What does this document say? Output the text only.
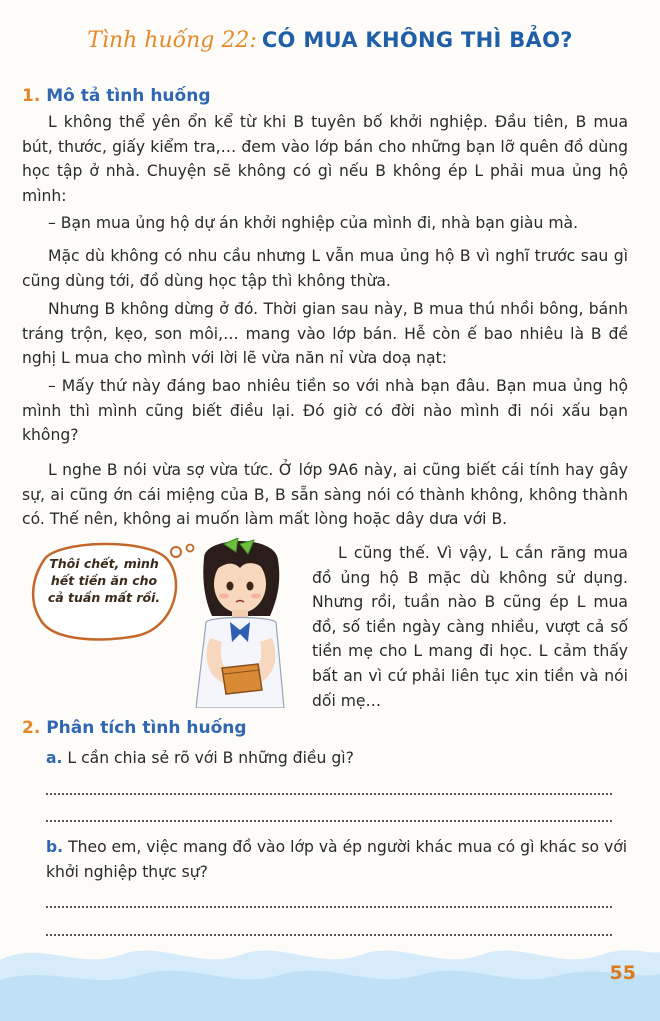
Tình huống 22: CÓ MUA KHÔNG THÌ BẢO?
1. Mô tả tình huống

L không thể yên ổn kể từ khi B tuyên bố khởi nghiệp. Đầu tiên, B mua bút, thước, giấy kiểm tra,… đem vào lớp bán cho những bạn lỡ quên đồ dùng học tập ở nhà. Chuyện sẽ không có gì nếu B không ép L phải mua ủng hộ mình:

– Bạn mua ủng hộ dự án khởi nghiệp của mình đi, nhà bạn giàu mà.

Mặc dù không có nhu cầu nhưng L vẫn mua ủng hộ B vì nghĩ trước sau gì cũng dùng tới, đồ dùng học tập thì không thừa.

Nhưng B không dừng ở đó. Thời gian sau này, B mua thú nhồi bông, bánh tráng trộn, kẹo, son môi,… mang vào lớp bán. Hễ còn ế bao nhiêu là B đề nghị L mua cho mình với lời lẽ vừa năn nỉ vừa doạ nạt:

– Mấy thứ này đáng bao nhiêu tiền so với nhà bạn đâu. Bạn mua ủng hộ mình thì mình cũng biết điều lại. Đó giờ có đời nào mình đi nói xấu bạn không?

L nghe B nói vừa sợ vừa tức. Ở lớp 9A6 này, ai cũng biết cái tính hay gây sự, ai cũng ớn cái miệng của B, B sẵn sàng nói có thành không, không thành có. Thế nên, không ai muốn làm mất lòng hoặc dây dưa với B.

L cũng thế. Vì vậy, L cắn răng mua đồ ủng hộ B mặc dù không sử dụng. Nhưng rồi, tuần nào B cũng ép L mua đồ, số tiền ngày càng nhiều, vượt cả số tiền mẹ cho L mang đi học. L cảm thấy bất an vì cứ phải liên tục xin tiền và nói dối mẹ…

Thôi chết, mình hết tiền ăn cho cả tuần mất rồi.
2. Phân tích tình huống

a. L cần chia sẻ rõ với B những điều gì?

b. Theo em, việc mang đồ vào lớp và ép người khác mua có gì khác so với khởi nghiệp thực sự?

55
